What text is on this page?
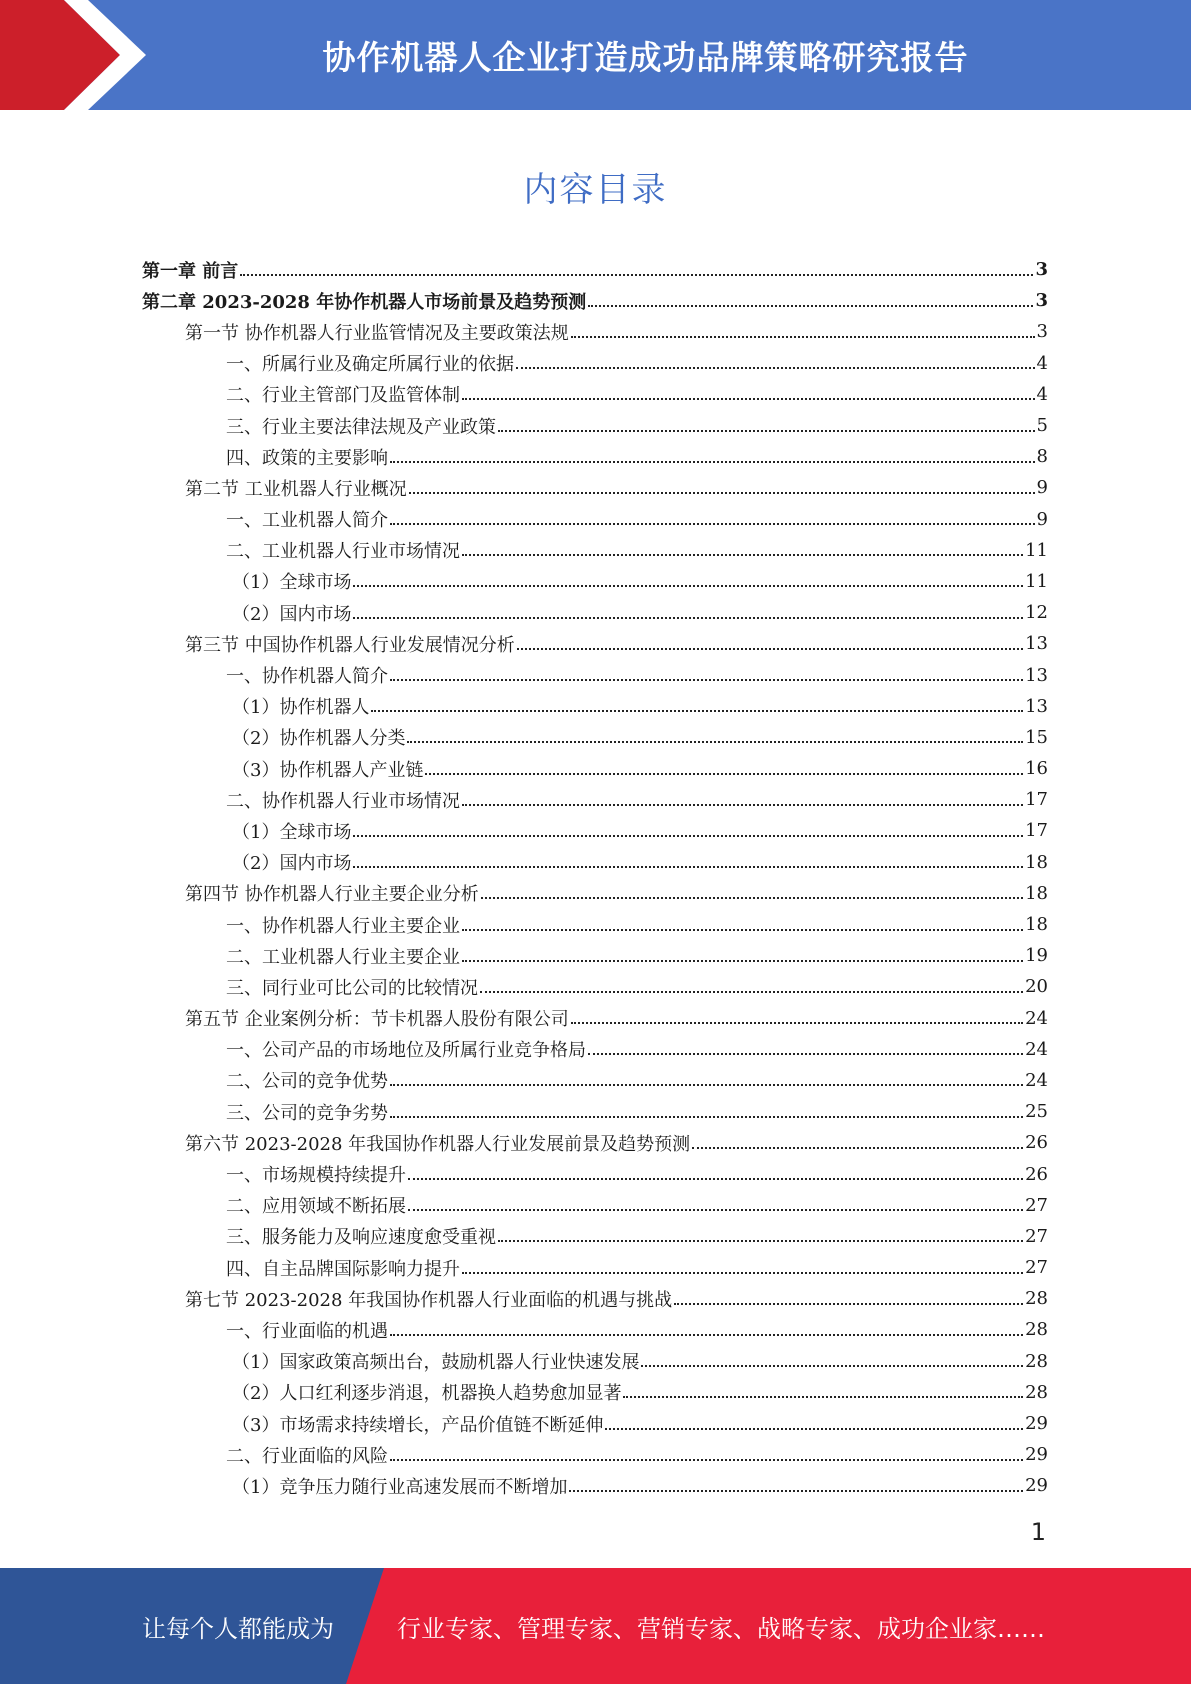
协作机器人企业打造成功品牌策略研究报告
内容目录
第一章 前言	3
第二章 2023-2028 年协作机器人市场前景及趋势预测	3
第一节 协作机器人行业监管情况及主要政策法规	3
一、所属行业及确定所属行业的依据	4
二、行业主管部门及监管体制	4
三、行业主要法律法规及产业政策	5
四、政策的主要影响	8
第二节 工业机器人行业概况	9
一、工业机器人简介	9
二、工业机器人行业市场情况	11
（1）全球市场	11
（2）国内市场	12
第三节 中国协作机器人行业发展情况分析	13
一、协作机器人简介	13
（1）协作机器人	13
（2）协作机器人分类	15
（3）协作机器人产业链	16
二、协作机器人行业市场情况	17
（1）全球市场	17
（2）国内市场	18
第四节 协作机器人行业主要企业分析	18
一、协作机器人行业主要企业	18
二、工业机器人行业主要企业	19
三、同行业可比公司的比较情况	20
第五节 企业案例分析：节卡机器人股份有限公司	24
一、公司产品的市场地位及所属行业竞争格局	24
二、公司的竞争优势	24
三、公司的竞争劣势	25
第六节 2023-2028 年我国协作机器人行业发展前景及趋势预测	26
一、市场规模持续提升	26
二、应用领域不断拓展	27
三、服务能力及响应速度愈受重视	27
四、自主品牌国际影响力提升	27
第七节 2023-2028 年我国协作机器人行业面临的机遇与挑战	28
一、行业面临的机遇	28
（1）国家政策高频出台，鼓励机器人行业快速发展	28
（2）人口红利逐步消退，机器换人趋势愈加显著	28
（3）市场需求持续增长，产品价值链不断延伸	29
二、行业面临的风险	29
（1）竞争压力随行业高速发展而不断增加	29
1
让每个人都能成为	行业专家、管理专家、营销专家、战略专家、成功企业家……
